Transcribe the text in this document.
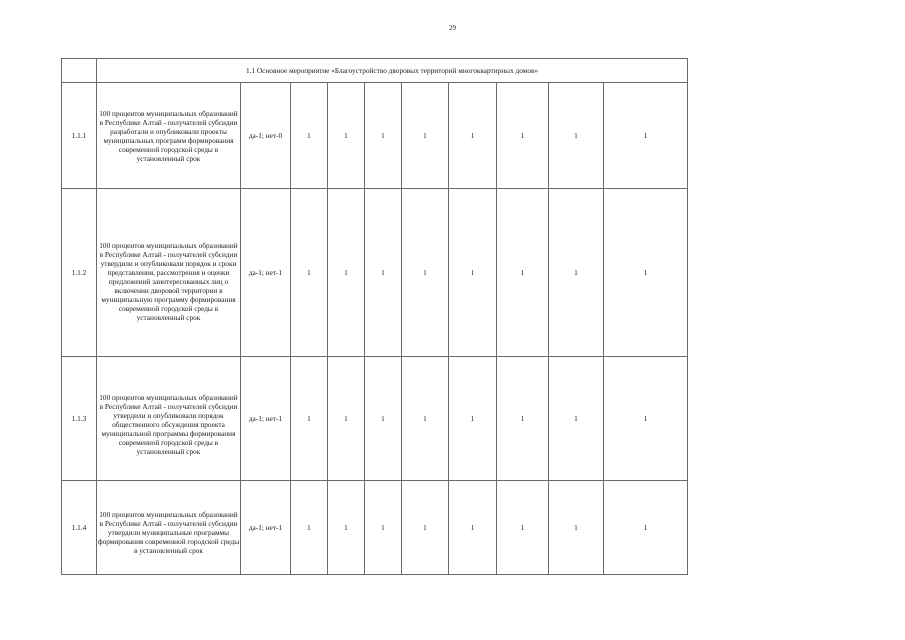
29
	1.1 Основное мероприятие «Благоустройство дворовых территорий многоквартирных домов»									
1.1.1	100 процентов муниципальных образований в Республике Алтай - получателей субсидии разработали и опубликовали проекты муниципальных программ формирования современной городской среды в установленный срок	да-1; нет-0	1	1	1	1	1	1	1	1
1.1.2	100 процентов муниципальных образований в Республике Алтай - получателей субсидии утвердили и опубликовали порядок и сроки представления, рассмотрения и оценки предложений заинтересованных лиц о включении дворовой территории в муниципальную программу формирования современной городской среды в установленный срок	да-1; нет-1	1	1	1	1	1	1	1	1
1.1.3	100 процентов муниципальных образований в Республике Алтай - получателей субсидии утвердили и опубликовали порядок общественного обсуждения проекта муниципальной программы формирования современной городской среды в установленный срок	да-1; нет-1	1	1	1	1	1	1	1	1
1.1.4	100 процентов муниципальных образований в Республике Алтай - получателей субсидии утвердили муниципальные программы формирования современной городской среды в установленный срок	да-1; нет-1	1	1	1	1	1	1	1	1
